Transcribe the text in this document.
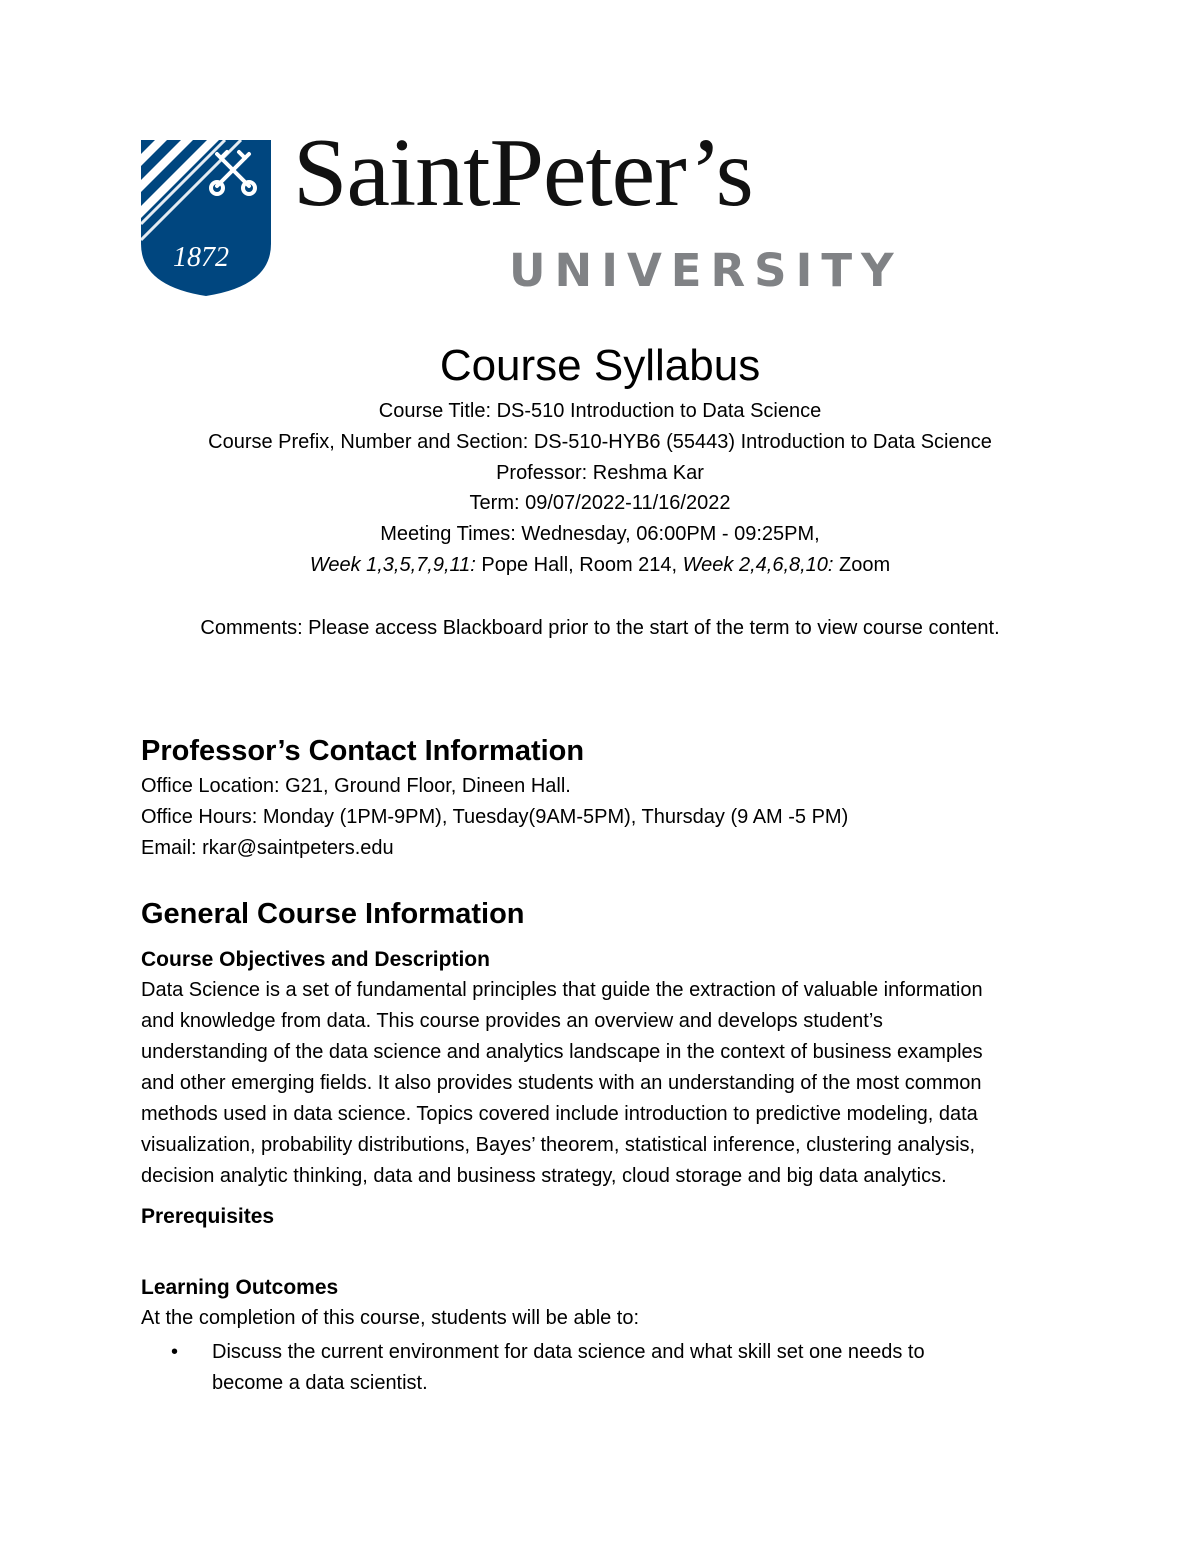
1872
SaintPeter’s
UNIVERSITY
Course Syllabus
Course Title: DS-510 Introduction to Data Science
Course Prefix, Number and Section: DS-510-HYB6 (55443) Introduction to Data Science
Professor: Reshma Kar
Term: 09/07/2022-11/16/2022
Meeting Times: Wednesday, 06:00PM - 09:25PM,
Week 1,3,5,7,9,11: Pope Hall, Room 214, Week 2,4,6,8,10: Zoom
Comments: Please access Blackboard prior to the start of the term to view course content.
Professor’s Contact Information
Office Location: G21, Ground Floor, Dineen Hall.
Office Hours: Monday (1PM-9PM), Tuesday(9AM-5PM), Thursday (9 AM -5 PM)
Email: rkar@saintpeters.edu
General Course Information
Course Objectives and Description
Data Science is a set of fundamental principles that guide the extraction of valuable information
and knowledge from data. This course provides an overview and develops student’s
understanding of the data science and analytics landscape in the context of business examples
and other emerging fields. It also provides students with an understanding of the most common
methods used in data science. Topics covered include introduction to predictive modeling, data
visualization, probability distributions, Bayes’ theorem, statistical inference, clustering analysis,
decision analytic thinking, data and business strategy, cloud storage and big data analytics.
Prerequisites
Learning Outcomes
At the completion of this course, students will be able to:
• Discuss the current environment for data science and what skill set one needs to
become a data scientist.
